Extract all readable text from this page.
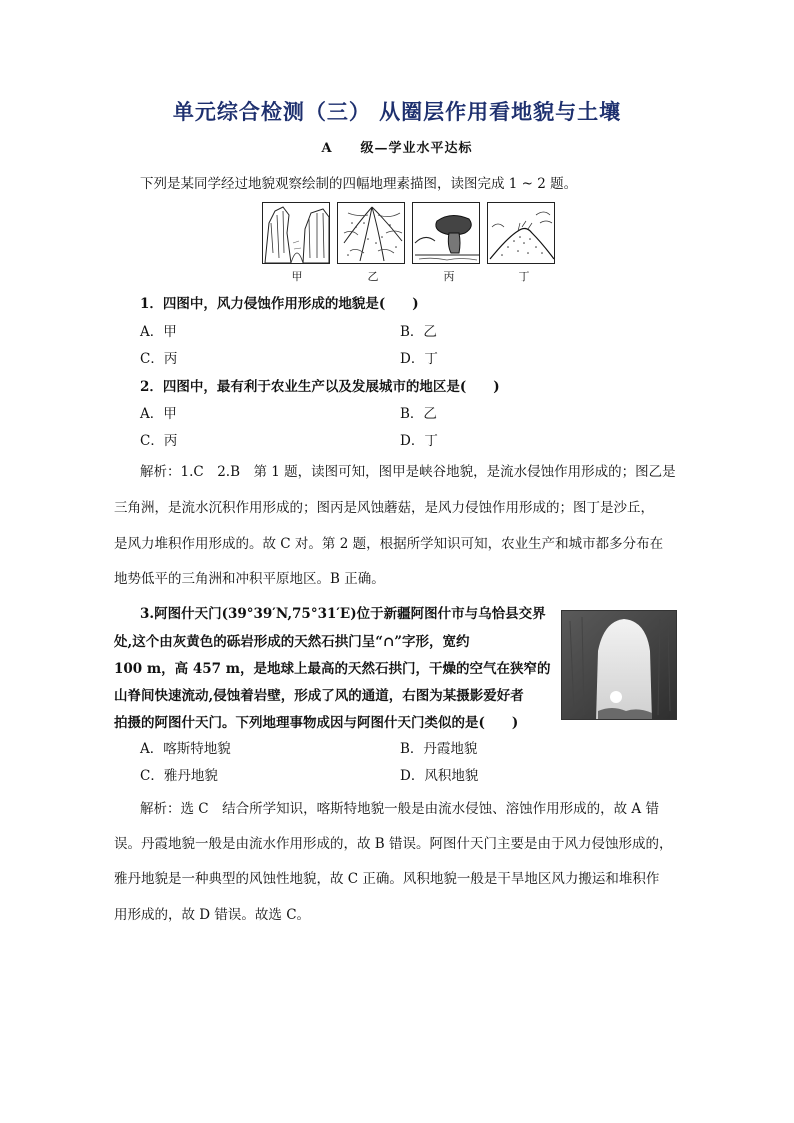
单元综合检测（三） 从圈层作用看地貌与土壤
A　　级—学业水平达标
下列是某同学经过地貌观察绘制的四幅地理素描图，读图完成 1 ~ 2 题。
甲	乙	丙	丁
1．四图中，风力侵蚀作用形成的地貌是(　　)
A．甲	B．乙
C．丙	D．丁
2．四图中，最有利于农业生产以及发展城市的地区是(　　)
A．甲	B．乙
C．丙	D．丁
解析：1.C　2.B　第 1 题，读图可知，图甲是峡谷地貌，是流水侵蚀作用形成的；图乙是
三角洲，是流水沉积作用形成的；图丙是风蚀蘑菇，是风力侵蚀作用形成的；图丁是沙丘，
是风力堆积作用形成的。故 C 对。第 2 题，根据所学知识可知，农业生产和城市都多分布在
地势低平的三角洲和冲积平原地区。B 正确。
3.阿图什天门(39°39′N,75°31′E)位于新疆阿图什市与乌恰县交界
处,这个由灰黄色的砾岩形成的天然石拱门呈“∩”字形，宽约
100 m，高 457 m，是地球上最高的天然石拱门，干燥的空气在狭窄的
山脊间快速流动,侵蚀着岩壁，形成了风的通道，右图为某摄影爱好者
拍摄的阿图什天门。下列地理事物成因与阿图什天门类似的是(　　)
A．喀斯特地貌	B．丹霞地貌
C．雅丹地貌	D．风积地貌
解析：选 C　结合所学知识，喀斯特地貌一般是由流水侵蚀、溶蚀作用形成的，故 A 错
误。丹霞地貌一般是由流水作用形成的，故 B 错误。阿图什天门主要是由于风力侵蚀形成的，
雅丹地貌是一种典型的风蚀性地貌，故 C 正确。风积地貌一般是干旱地区风力搬运和堆积作
用形成的，故 D 错误。故选 C。
